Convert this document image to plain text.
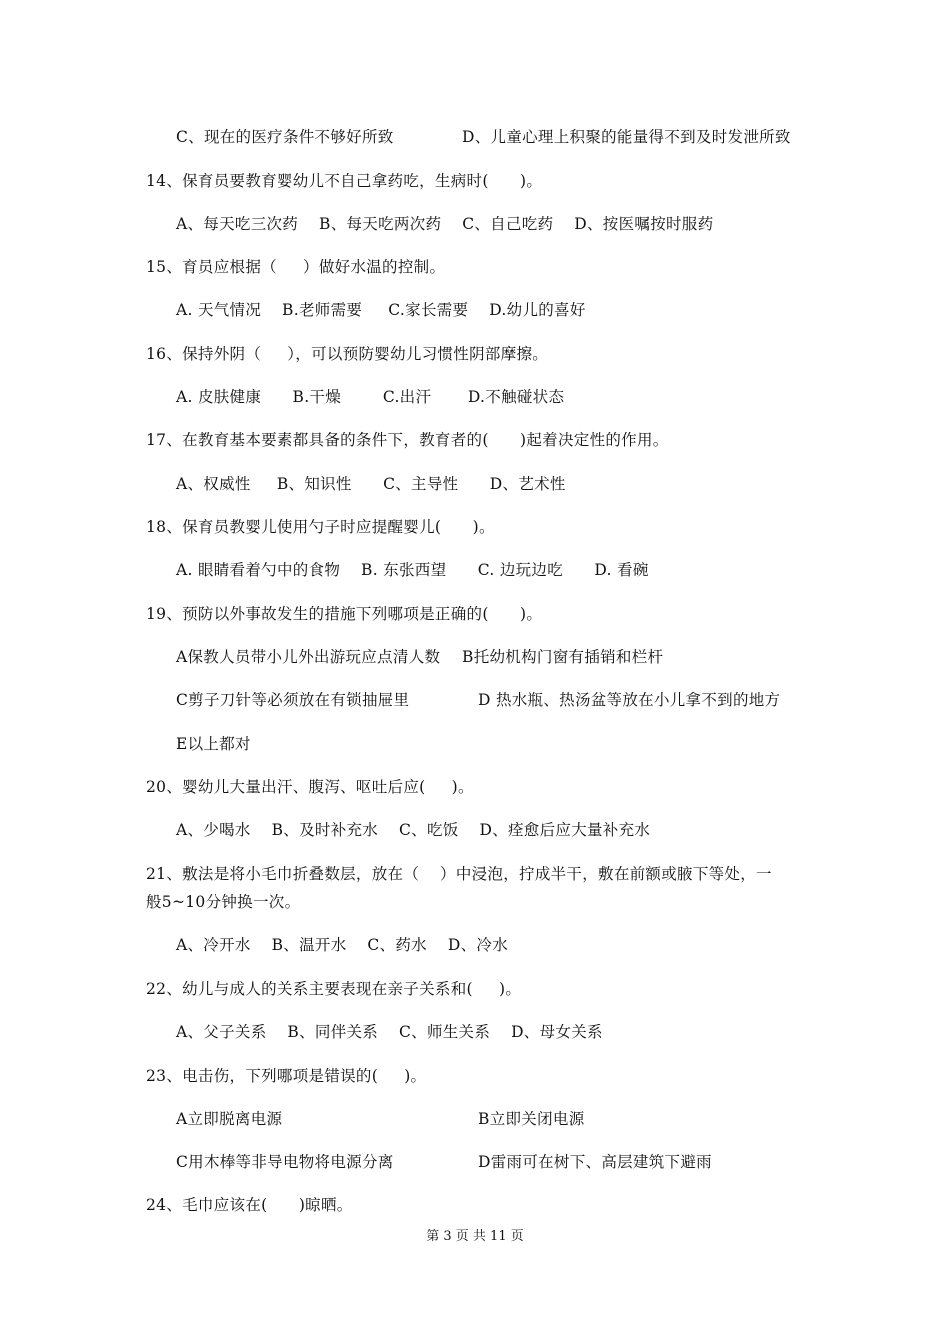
C、现在的医疗条件不够好所致	D、儿童心理上积聚的能量得不到及时发泄所致
14、保育员要教育婴幼儿不自己拿药吃，生病时(      )。
A、每天吃三次药    B、每天吃两次药    C、自己吃药    D、按医嘱按时服药
15、育员应根据（     ）做好水温的控制。
A. 天气情况    B.老师需要     C.家长需要    D.幼儿的喜好
16、保持外阴（     ），可以预防婴幼儿习惯性阴部摩擦。
A. 皮肤健康      B.干燥        C.出汗       D.不触碰状态
17、在教育基本要素都具备的条件下，教育者的(      )起着决定性的作用。
A、权威性     B、知识性      C、主导性      D、艺术性
18、保育员教婴儿使用勺子时应提醒婴儿(      )。
A. 眼睛看着勺中的食物    B. 东张西望      C. 边玩边吃      D. 看碗
19、预防以外事故发生的措施下列哪项是正确的(      )。
A保教人员带小儿外出游玩应点清人数 B托幼机构门窗有插销和栏杆
C剪子刀针等必须放在有锁抽屉里	D 热水瓶、热汤盆等放在小儿拿不到的地方
E以上都对
20、婴幼儿大量出汗、腹泻、呕吐后应(     )。
A、少喝水    B、及时补充水    C、吃饭    D、痊愈后应大量补充水
21、敷法是将小毛巾折叠数层，放在（    ）中浸泡，拧成半干，敷在前额或腋下等处，一
般5~10分钟换一次。
A、冷开水    B、温开水    C、药水    D、冷水
22、幼儿与成人的关系主要表现在亲子关系和(     )。
A、父子关系    B、同伴关系    C、师生关系    D、母女关系
23、电击伤，下列哪项是错误的(     )。
A立即脱离电源	B立即关闭电源
C用木棒等非导电物将电源分离	D雷雨可在树下、高层建筑下避雨
24、毛巾应该在(      )晾晒。
第 3 页 共 11 页
